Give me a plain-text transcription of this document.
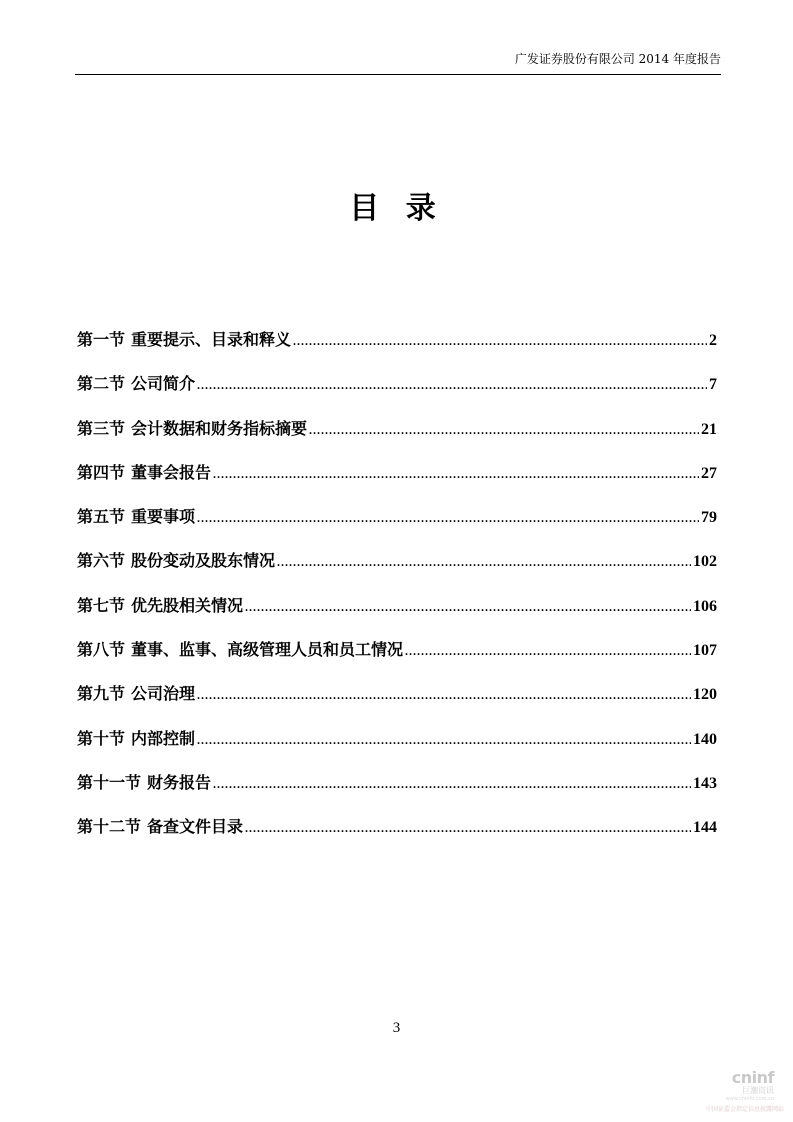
广发证券股份有限公司 2014 年度报告
目 录
第一节 重要提示、目录和释义 .....	2
第二节 公司简介 .....	7
第三节 会计数据和财务指标摘要 .....	21
第四节 董事会报告 .....	27
第五节 重要事项 .....	79
第六节 股份变动及股东情况 .....	102
第七节 优先股相关情况 .....	106
第八节 董事、监事、高级管理人员和员工情况 .....	107
第九节 公司治理 .....	120
第十节 内部控制 .....	140
第十一节 财务报告 .....	143
第十二节 备查文件目录 .....	144
3
cninf
巨潮资讯
www.cninfo.com.cn
中国证监会指定信息披露网站
